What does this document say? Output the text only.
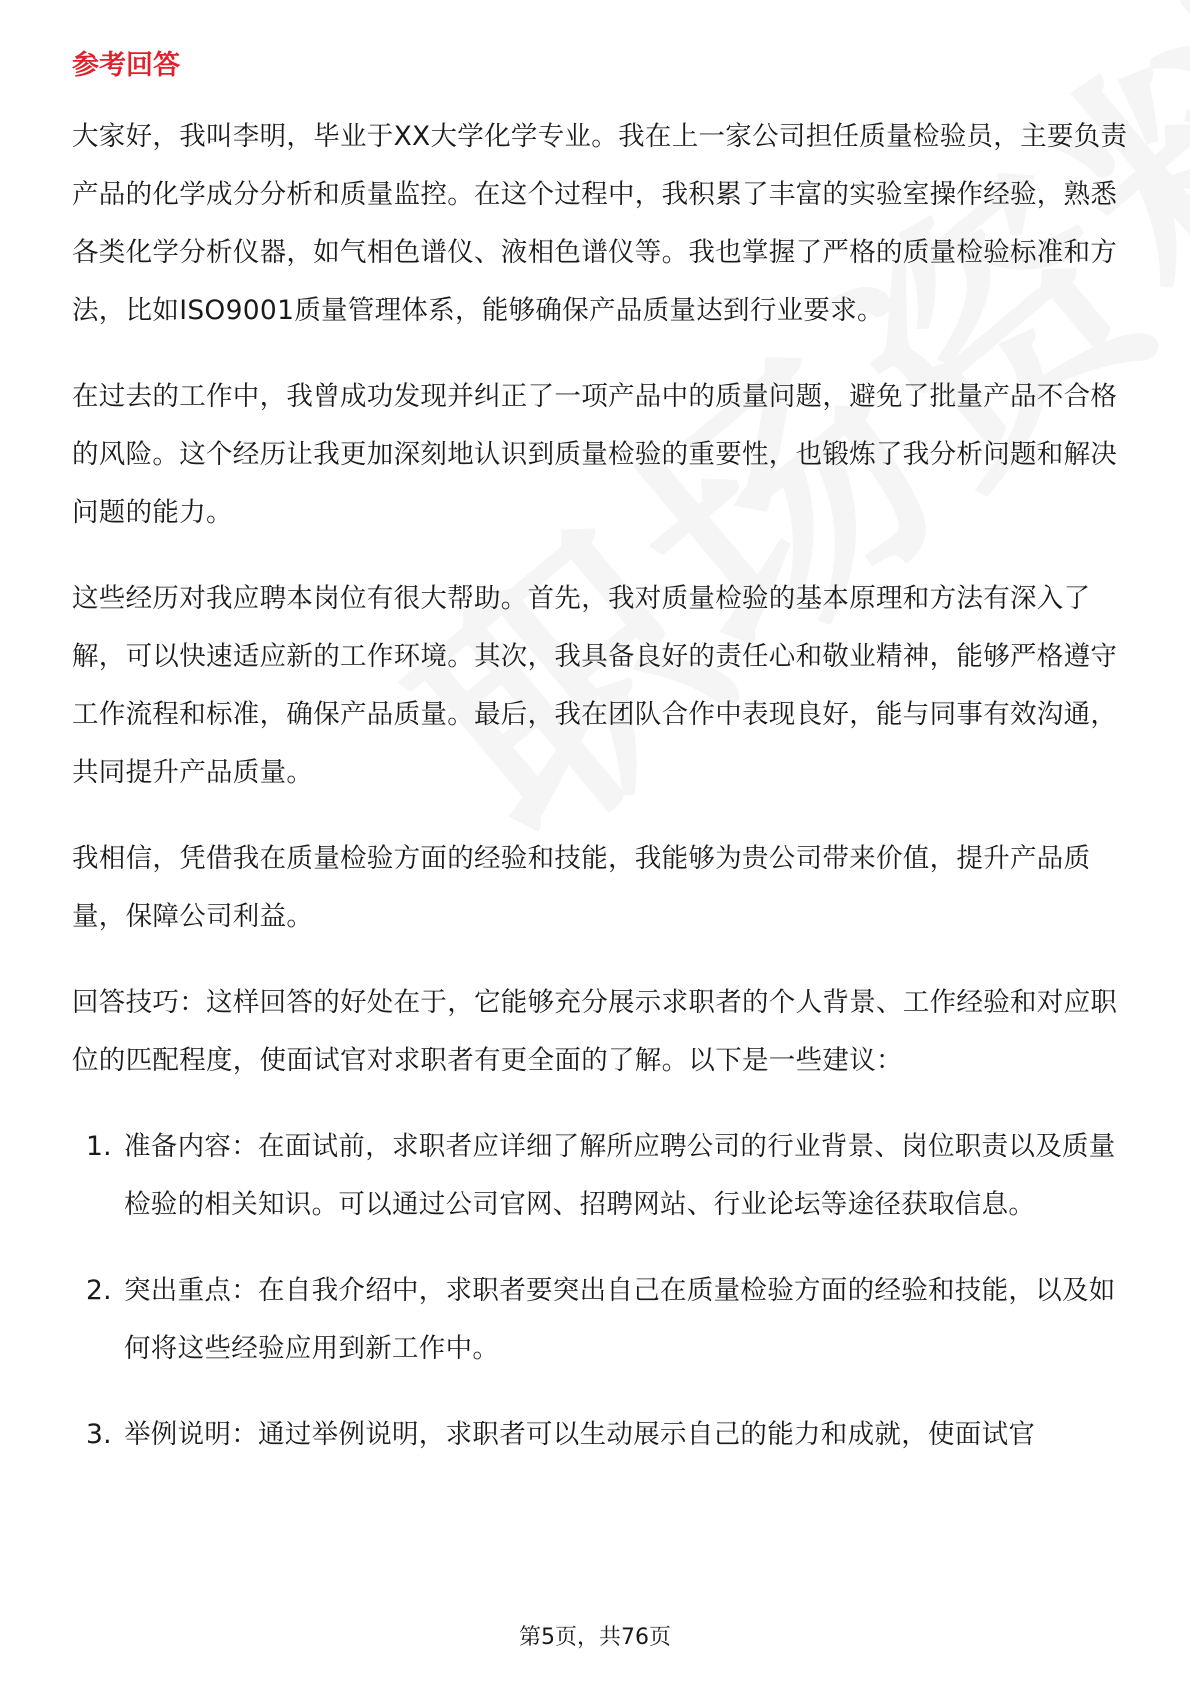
参考回答

大家好，我叫李明，毕业于XX大学化学专业。我在上一家公司担任质量检验员，主要负责产品的化学成分分析和质量监控。在这个过程中，我积累了丰富的实验室操作经验，熟悉各类化学分析仪器，如气相色谱仪、液相色谱仪等。我也掌握了严格的质量检验标准和方法，比如ISO9001质量管理体系，能够确保产品质量达到行业要求。

在过去的工作中，我曾成功发现并纠正了一项产品中的质量问题，避免了批量产品不合格的风险。这个经历让我更加深刻地认识到质量检验的重要性，也锻炼了我分析问题和解决问题的能力。

这些经历对我应聘本岗位有很大帮助。首先，我对质量检验的基本原理和方法有深入了解，可以快速适应新的工作环境。其次，我具备良好的责任心和敬业精神，能够严格遵守工作流程和标准，确保产品质量。最后，我在团队合作中表现良好，能与同事有效沟通，共同提升产品质量。

我相信，凭借我在质量检验方面的经验和技能，我能够为贵公司带来价值，提升产品质量，保障公司利益。

回答技巧：这样回答的好处在于，它能够充分展示求职者的个人背景、工作经验和对应职位的匹配程度，使面试官对求职者有更全面的了解。以下是一些建议：

1. 准备内容：在面试前，求职者应详细了解所应聘公司的行业背景、岗位职责以及质量检验的相关知识。可以通过公司官网、招聘网站、行业论坛等途径获取信息。
2. 突出重点：在自我介绍中，求职者要突出自己在质量检验方面的经验和技能，以及如何将这些经验应用到新工作中。
3. 举例说明：通过举例说明，求职者可以生动展示自己的能力和成就，使面试官
第5页，共76页
